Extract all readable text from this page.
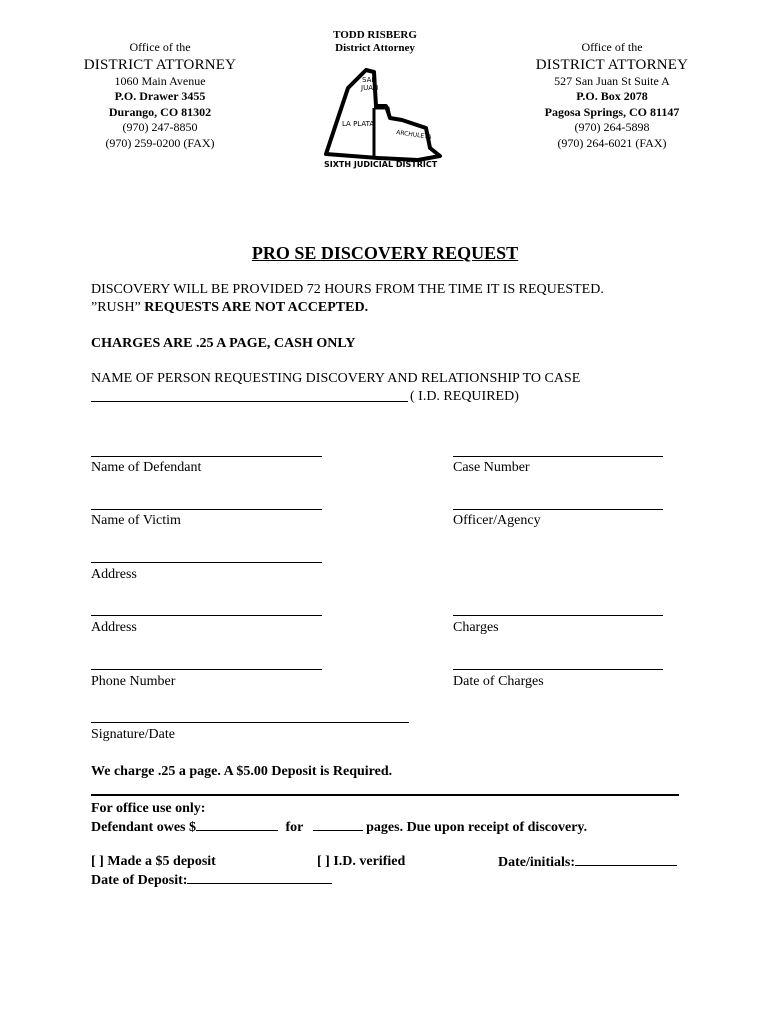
Office of the
DISTRICT ATTORNEY
1060 Main Avenue
P.O. Drawer 3455
Durango, CO 81302
(970) 247-8850
(970) 259-0200 (FAX)
TODD RISBERG
District Attorney
SAN
JUAN
LA PLATA
ARCHULETA
SIXTH JUDICIAL DISTRICT
Office of the
DISTRICT ATTORNEY
527 San Juan St Suite A
P.O. Box 2078
Pagosa Springs, CO 81147
(970) 264-5898
(970) 264-6021 (FAX)
PRO SE DISCOVERY REQUEST
DISCOVERY WILL BE PROVIDED 72 HOURS FROM THE TIME IT IS REQUESTED.
”RUSH” REQUESTS ARE NOT ACCEPTED.
CHARGES ARE .25 A PAGE, CASH ONLY
NAME OF PERSON REQUESTING DISCOVERY AND RELATIONSHIP TO CASE
( I.D. REQUIRED)
Name of Defendant	Case Number
Name of Victim	Officer/Agency
Address
Address	Charges
Phone Number	Date of Charges
Signature/Date
We charge .25 a page. A $5.00 Deposit is Required.
For office use only:
Defendant owes $	for	pages. Due upon receipt of discovery.
[ ] Made a $5 deposit	[ ] I.D. verified	Date/initials:
Date of Deposit:
